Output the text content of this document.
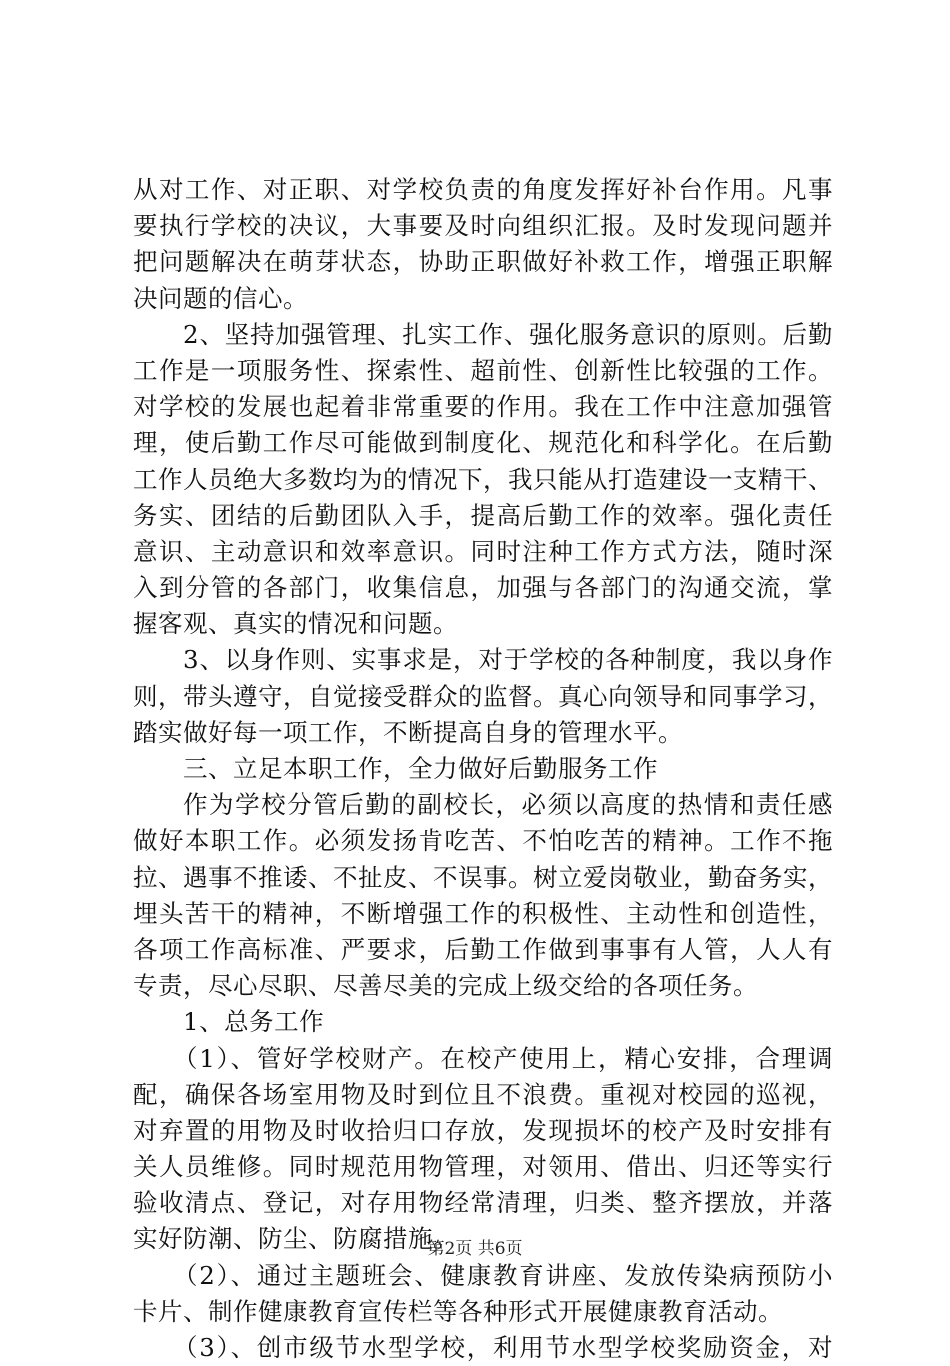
从对工作、对正职、对学校负责的角度发挥好补台作用。凡事
要执行学校的决议，大事要及时向组织汇报。及时发现问题并
把问题解决在萌芽状态，协助正职做好补救工作，增强正职解
决问题的信心。
2、坚持加强管理、扎实工作、强化服务意识的原则。后勤
工作是一项服务性、探索性、超前性、创新性比较强的工作。
对学校的发展也起着非常重要的作用。我在工作中注意加强管
理，使后勤工作尽可能做到制度化、规范化和科学化。在后勤
工作人员绝大多数均为的情况下，我只能从打造建设一支精干、
务实、团结的后勤团队入手，提高后勤工作的效率。强化责任
意识、主动意识和效率意识。同时注种工作方式方法，随时深
入到分管的各部门，收集信息，加强与各部门的沟通交流，掌
握客观、真实的情况和问题。
3、以身作则、实事求是，对于学校的各种制度，我以身作
则，带头遵守，自觉接受群众的监督。真心向领导和同事学习，
踏实做好每一项工作，不断提高自身的管理水平。
三、立足本职工作，全力做好后勤服务工作
作为学校分管后勤的副校长，必须以高度的热情和责任感
做好本职工作。必须发扬肯吃苦、不怕吃苦的精神。工作不拖
拉、遇事不推诿、不扯皮、不误事。树立爱岗敬业，勤奋务实，
埋头苦干的精神，不断增强工作的积极性、主动性和创造性，
各项工作高标准、严要求，后勤工作做到事事有人管，人人有
专责，尽心尽职、尽善尽美的完成上级交给的各项任务。
1、总务工作
（1）、管好学校财产。在校产使用上，精心安排，合理调
配，确保各场室用物及时到位且不浪费。重视对校园的巡视，
对弃置的用物及时收拾归口存放，发现损坏的校产及时安排有
关人员维修。同时规范用物管理，对领用、借出、归还等实行
验收清点、登记，对存用物经常清理，归类、整齐摆放，并落
实好防潮、防尘、防腐措施。
（2）、通过主题班会、健康教育讲座、发放传染病预防小
卡片、制作健康教育宣传栏等各种形式开展健康教育活动。
（3）、创市级节水型学校，利用节水型学校奖励资金，对
第2页 共6页
